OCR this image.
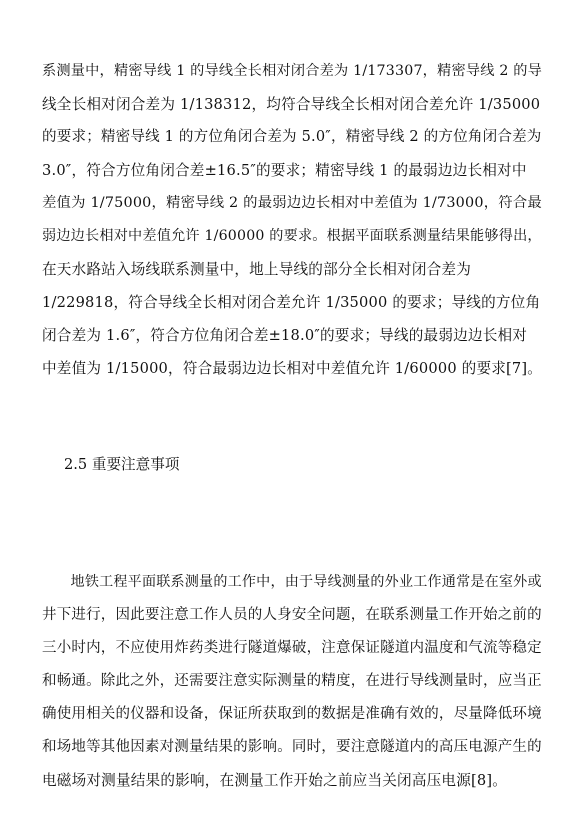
系测量中，精密导线 1 的导线全长相对闭合差为 1/173307，精密导线 2 的导
线全长相对闭合差为 1/138312，均符合导线全长相对闭合差允许 1/35000
的要求；精密导线 1 的方位角闭合差为 5.0″，精密导线 2 的方位角闭合差为
3.0″，符合方位角闭合差±16.5″的要求；精密导线 1 的最弱边边长相对中
差值为 1/75000，精密导线 2 的最弱边边长相对中差值为 1/73000，符合最
弱边边长相对中差值允许 1/60000 的要求。根据平面联系测量结果能够得出，
在天水路站入场线联系测量中，地上导线的部分全长相对闭合差为
1/229818，符合导线全长相对闭合差允许 1/35000 的要求；导线的方位角
闭合差为 1.6″，符合方位角闭合差±18.0″的要求；导线的最弱边边长相对
中差值为 1/15000，符合最弱边边长相对中差值允许 1/60000 的要求[7]。
2.5 重要注意事项
　　地铁工程平面联系测量的工作中，由于导线测量的外业工作通常是在室外或
井下进行，因此要注意工作人员的人身安全问题，在联系测量工作开始之前的
三小时内，不应使用炸药类进行隧道爆破，注意保证隧道内温度和气流等稳定
和畅通。除此之外，还需要注意实际测量的精度，在进行导线测量时，应当正
确使用相关的仪器和设备，保证所获取到的数据是准确有效的，尽量降低环境
和场地等其他因素对测量结果的影响。同时，要注意隧道内的高压电源产生的
电磁场对测量结果的影响，在测量工作开始之前应当关闭高压电源[8]。
